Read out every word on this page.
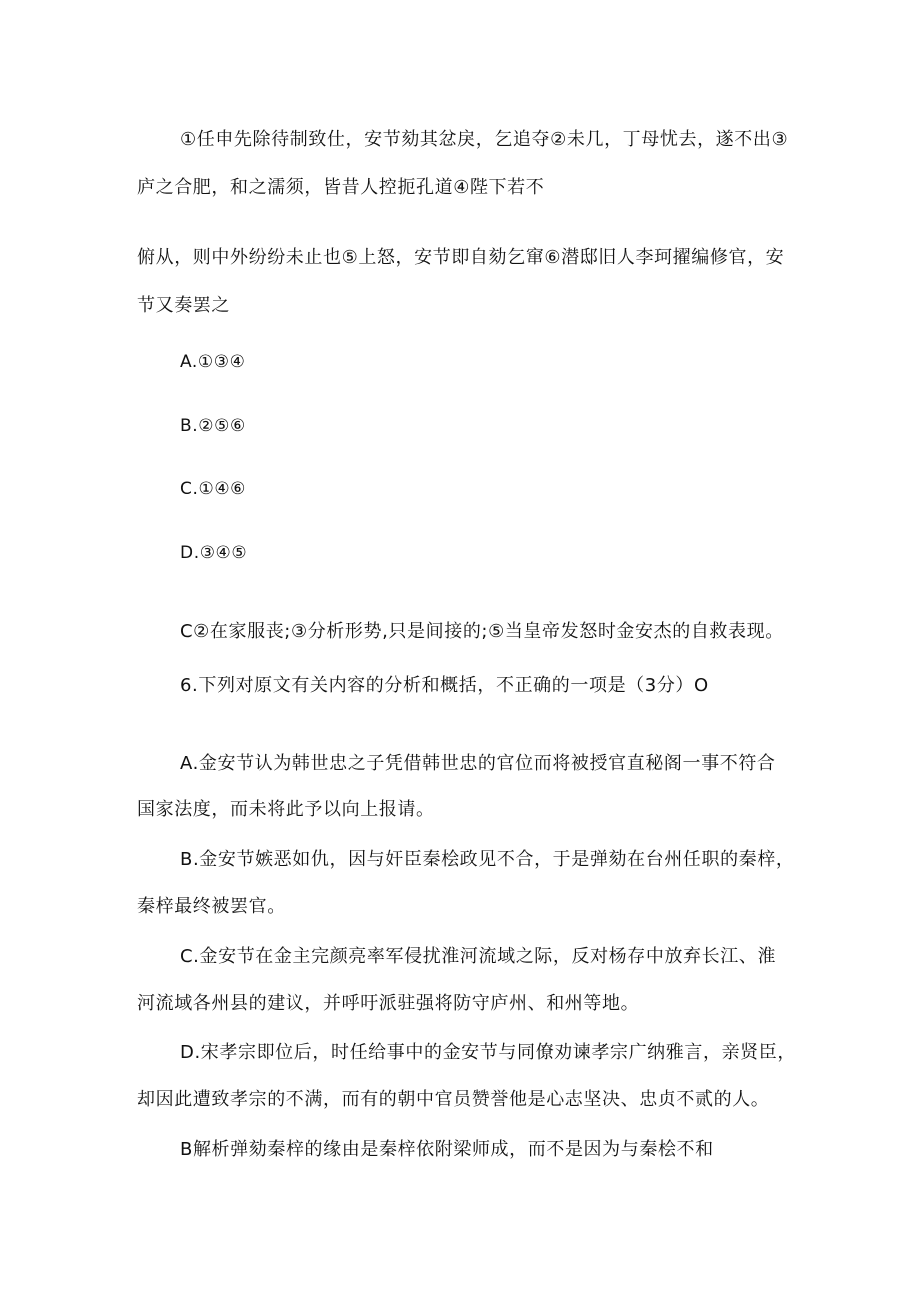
①任申先除待制致仕，安节劾其忿戾，乞追夺②未几，丁母忧去，遂不出③
庐之合肥，和之濡须，皆昔人控扼孔道④陛下若不
俯从，则中外纷纷未止也⑤上怒，安节即自劾乞窜⑥潜邸旧人李珂擢编修官，安
节又奏罢之
A.①③④
B.②⑤⑥
C.①④⑥
D.③④⑤
C②在家服丧;③分析形势,只是间接的;⑤当皇帝发怒时金安杰的自救表现。
6.下列对原文有关内容的分析和概括，不正确的一项是（3分）O
A.金安节认为韩世忠之子凭借韩世忠的官位而将被授官直秘阁一事不符合
国家法度，而未将此予以向上报请。
B.金安节嫉恶如仇，因与奸臣秦桧政见不合，于是弹劾在台州任职的秦梓，
秦梓最终被罢官。
C.金安节在金主完颜亮率军侵扰淮河流域之际，反对杨存中放弃长江、淮
河流域各州县的建议，并呼吁派驻强将防守庐州、和州等地。
D.宋孝宗即位后，时任给事中的金安节与同僚劝谏孝宗广纳雅言，亲贤臣，
却因此遭致孝宗的不满，而有的朝中官员赞誉他是心志坚决、忠贞不贰的人。
B解析弹劾秦梓的缘由是秦梓依附梁师成，而不是因为与秦桧不和
